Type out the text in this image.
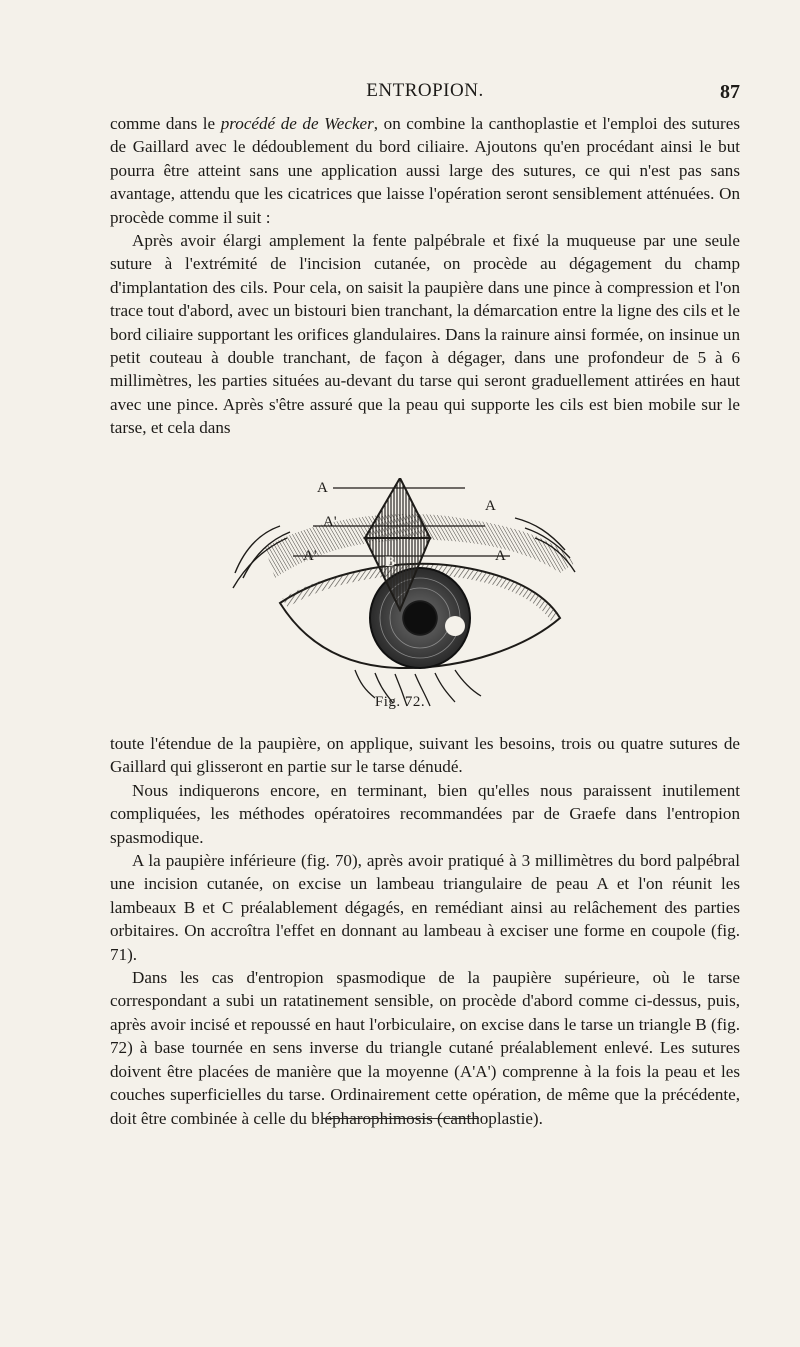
ENTROPION.	87

comme dans le procédé de de Wecker, on combine la canthoplastie et l'emploi des sutures de Gaillard avec le dédoublement du bord ciliaire. Ajoutons qu'en procédant ainsi le but pourra être atteint sans une application aussi large des sutures, ce qui n'est pas sans avantage, attendu que les cicatrices que laisse l'opération seront sensiblement atténuées. On procède comme il suit :

Après avoir élargi amplement la fente palpébrale et fixé la muqueuse par une seule suture à l'extrémité de l'incision cutanée, on procède au dégagement du champ d'implantation des cils. Pour cela, on saisit la paupière dans une pince à compression et l'on trace tout d'abord, avec un bistouri bien tranchant, la démarcation entre la ligne des cils et le bord ciliaire supportant les orifices glandulaires. Dans la rainure ainsi formée, on insinue un petit couteau à double tranchant, de façon à dégager, dans une profondeur de 5 à 6 millimètres, les parties situées au-devant du tarse qui seront graduellement attirées en haut avec une pince. Après s'être assuré que la peau qui supporte les cils est bien mobile sur le tarse, et cela dans

A
A'
A
A'	A
B
Fig. 72.

toute l'étendue de la paupière, on applique, suivant les besoins, trois ou quatre sutures de Gaillard qui glisseront en partie sur le tarse dénudé.

Nous indiquerons encore, en terminant, bien qu'elles nous paraissent inutilement compliquées, les méthodes opératoires recommandées par de Graefe dans l'entropion spasmodique.

A la paupière inférieure (fig. 70), après avoir pratiqué à 3 millimètres du bord palpébral une incision cutanée, on excise un lambeau triangulaire de peau A et l'on réunit les lambeaux B et C préalablement dégagés, en remédiant ainsi au relâchement des parties orbitaires. On accroîtra l'effet en donnant au lambeau à exciser une forme en coupole (fig. 71).

Dans les cas d'entropion spasmodique de la paupière supérieure, où le tarse correspondant a subi un ratatinement sensible, on procède d'abord comme ci-dessus, puis, après avoir incisé et repoussé en haut l'orbiculaire, on excise dans le tarse un triangle B (fig. 72) à base tournée en sens inverse du triangle cutané préalablement enlevé. Les sutures doivent être placées de manière que la moyenne (A'A') comprenne à la fois la peau et les couches superficielles du tarse. Ordinairement cette opération, de même que la précédente, doit être combinée à celle du blépharophimosis (canthoplastie).
